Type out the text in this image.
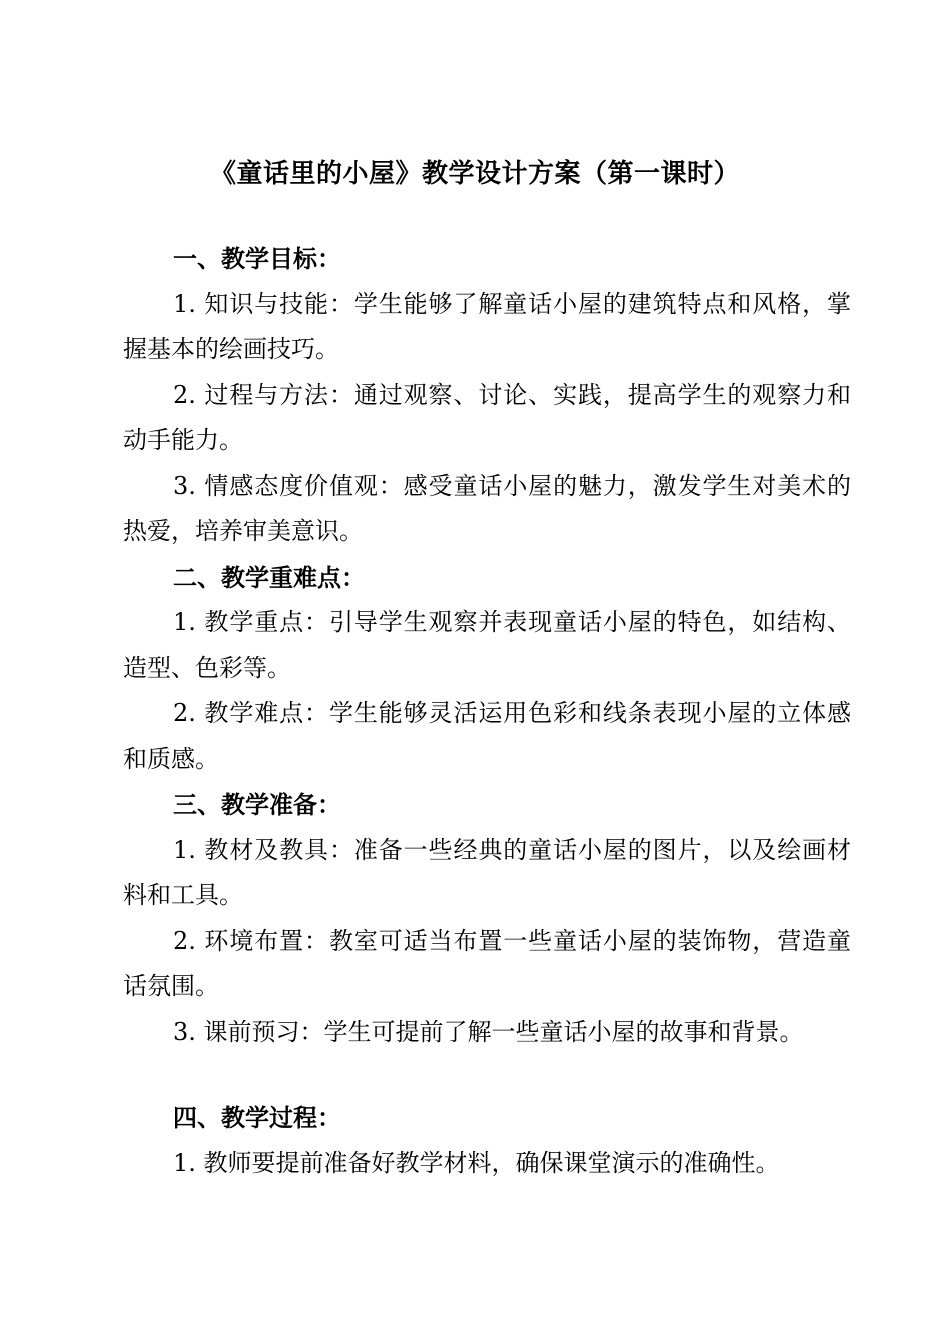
《童话里的小屋》教学设计方案（第一课时）

一、教学目标：

1. 知识与技能：学生能够了解童话小屋的建筑特点和风格，掌握基本的绘画技巧。

2. 过程与方法：通过观察、讨论、实践，提高学生的观察力和动手能力。

3. 情感态度价值观：感受童话小屋的魅力，激发学生对美术的热爱，培养审美意识。

二、教学重难点：

1. 教学重点：引导学生观察并表现童话小屋的特色，如结构、造型、色彩等。

2. 教学难点：学生能够灵活运用色彩和线条表现小屋的立体感和质感。

三、教学准备：

1. 教材及教具：准备一些经典的童话小屋的图片，以及绘画材料和工具。

2. 环境布置：教室可适当布置一些童话小屋的装饰物，营造童话氛围。

3. 课前预习：学生可提前了解一些童话小屋的故事和背景。

四、教学过程：

1. 教师要提前准备好教学材料，确保课堂演示的准确性。
